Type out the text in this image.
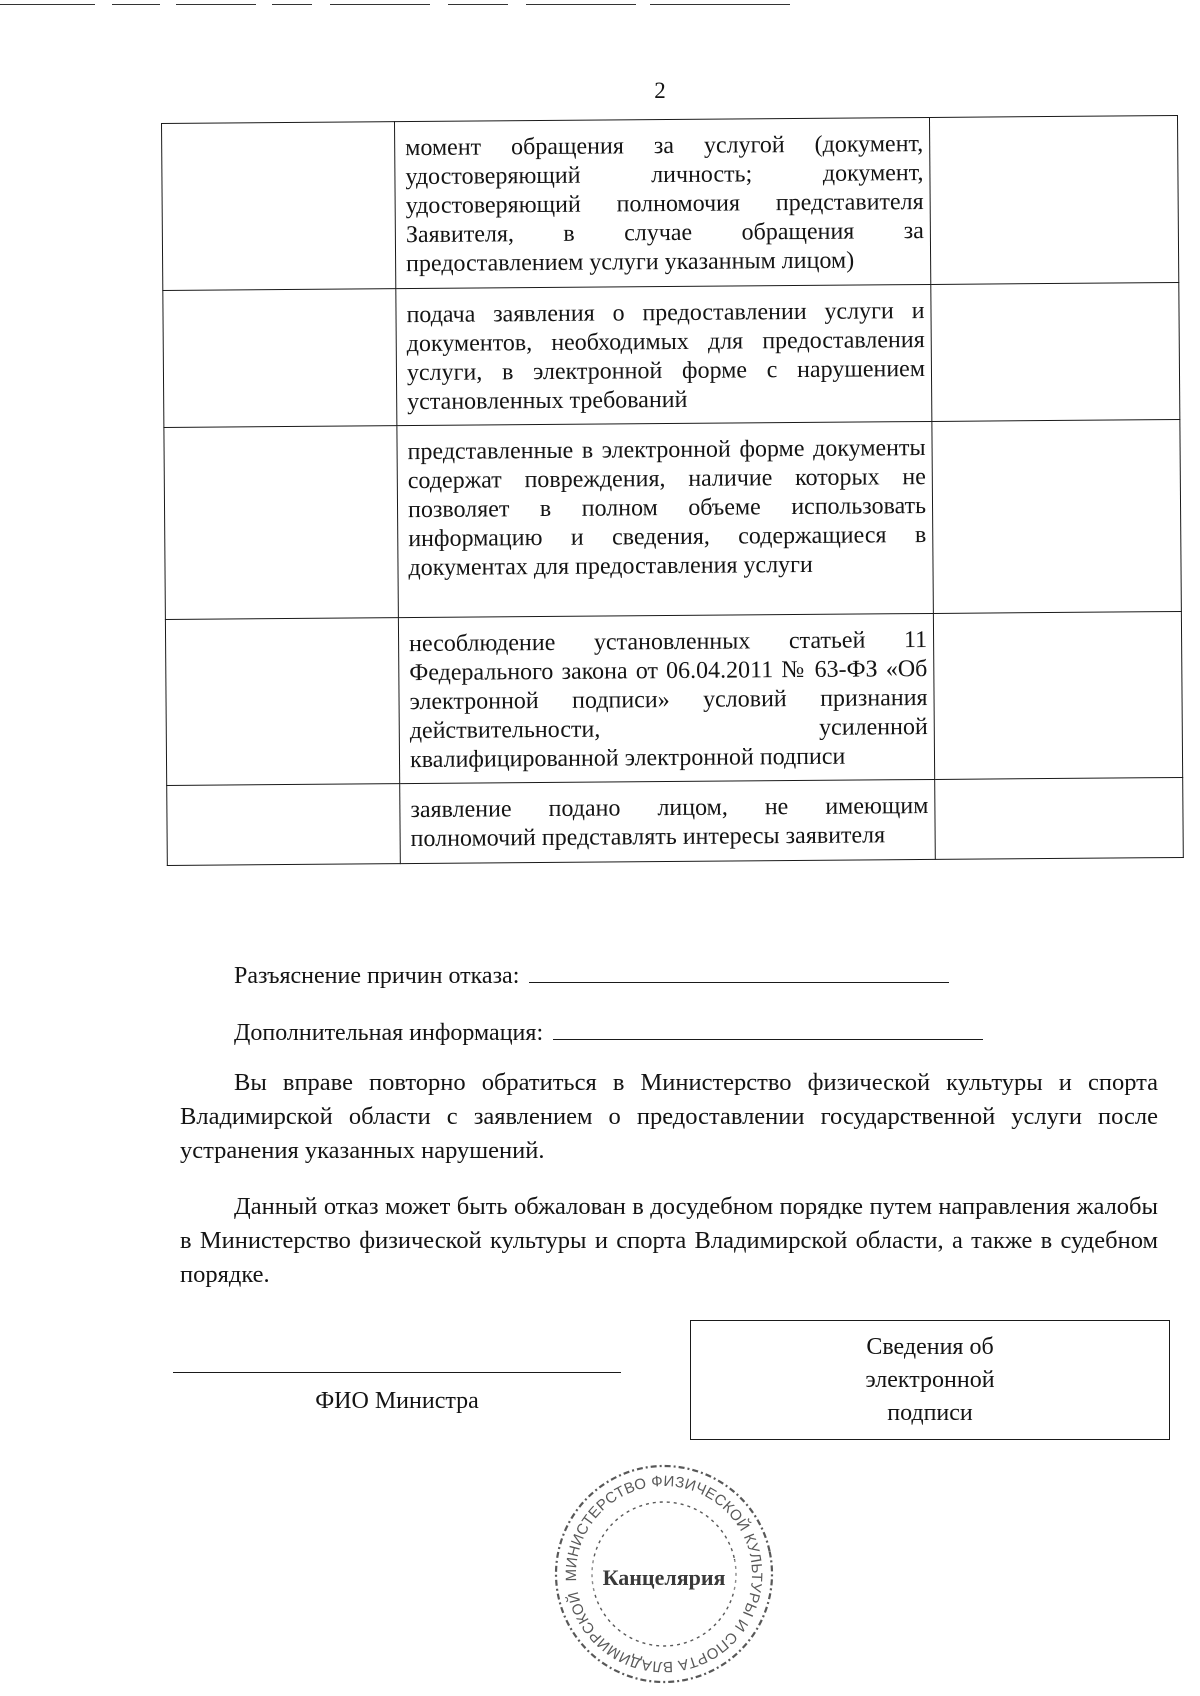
2
	момент обращения за услугой (документ, удостоверяющий личность; документ, удостоверяющий полномочия представителя Заявителя, в случае обращения за предоставлением услуги указанным лицом)	
	подача заявления о предоставлении услуги и документов, необходимых для предоставления услуги, в электронной форме с нарушением установленных требований	
	представленные в электронной форме документы содержат повреждения, наличие которых не позволяет в полном объеме использовать информацию и сведения, содержащиеся в документах для предоставления услуги	
	несоблюдение установленных статьей 11 Федерального закона от 06.04.2011 № 63-ФЗ «Об электронной подписи» условий признания действительности, усиленной квалифицированной электронной подписи	
	заявление подано лицом, не имеющим полномочий представлять интересы заявителя	
Разъяснение причин отказа:
Дополнительная информация:
Вы вправе повторно обратиться в Министерство физической культуры и спорта Владимирской области с заявлением о предоставлении государственной услуги после устранения указанных нарушений.
Данный отказ может быть обжалован в досудебном порядке путем направления жалобы в Министерство физической культуры и спорта Владимирской области, а также в судебном порядке.
ФИО Министра
Сведения об электронной подписи
МИНИСТЕРСТВО ФИЗИЧЕСКОЙ КУЛЬТУРЫ И СПОРТА ВЛАДИМИРСКОЙ
Канцелярия
